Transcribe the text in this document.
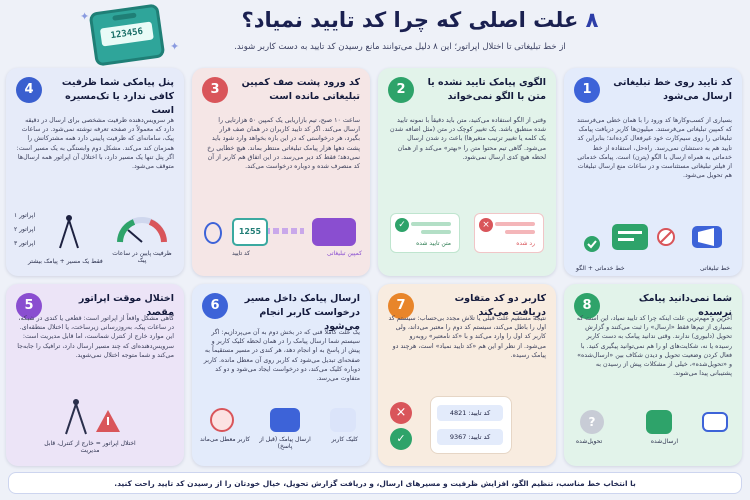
123456
✦
✦
۸ علت اصلی که چرا کد تایید نمیاد؟
از خط تبلیغاتی تا اختلال اپراتور؛ این ۸ دلیل می‌توانند مانع رسیدن کد تایید به دست کاربر شوند.
1	کد تایید روی خط تبلیغاتی ارسال می‌شود
بسیاری از کسب‌وکارها کد ورود را با همان خطی می‌فرستند که کمپین تبلیغاتی می‌فرستند. میلیون‌ها کاربر دریافت پیامک تبلیغاتی را روی سیم‌کارت خود غیرفعال کرده‌اند؛ بنابراین کد تایید هم به دستشان نمی‌رسد. راه‌حل، استفاده از خط خدماتی به همراه ارسال با الگو (پترن) است. پیامک خدماتی از فیلتر تبلیغاتی مستثناست و در ساعات منع ارسال تبلیغات هم تحویل می‌شود.
خط تبلیغاتی
خط خدماتی + الگو
2	الگوی پیامک تایید نشده یا متن با الگو نمی‌خواند
وقتی از الگو استفاده می‌کنید، متن باید دقیقاً با نمونه تایید شده منطبق باشد. یک تغییر کوچک در متن (مثل اضافه شدن یک کلمه یا تغییر ترتیب متغیرها) باعث رد شدن ارسال می‌شود. گاهی تیم محتوا متن را «بهتر» می‌کند و از همان لحظه هیچ کدی ارسال نمی‌شود.
×
رد شده
✓
متن تایید شده
3	کد ورود پشت صف کمپین تبلیغاتی مانده است
ساعت ۱۰ صبح، تیم بازاریابی یک کمپین ۵۰ هزارتایی را ارسال می‌کند. اگر کد تایید کاربران در همان صف قرار بگیرد، هر درخواستی که در این بازه بخواهد وارد شود باید پشت دهها هزار پیامک تبلیغاتی منتظر بماند. هیچ خطایی رخ نمی‌دهد؛ فقط کد دیر می‌رسد. در این اتفاق هم کاربر از آن کد منصرف شده و دوباره درخواست می‌کند.
کمپین تبلیغاتی
1255
کد تایید
4	پنل پیامکی شما ظرفیت کافی ندارد یا تک‌مسیره است
هر سرویس‌دهنده ظرفیت مشخصی برای ارسال در دقیقه دارد که معمولاً در صفحه تعرفه نوشته نمی‌شود. در ساعات پیک، سامانه‌ای که ظرفیت پایینی دارد همه مشترکانش را همزمان کند می‌کند. مشکل دوم وابستگی به یک مسیر است: اگر پنل تنها یک مسیر دارد، با اختلال آن اپراتور همه ارسال‌ها متوقف می‌شود.
ظرفیت پایین در ساعات پیک
اپراتور ۱
اپراتور ۲
اپراتور ۳
فقط یک مسیر + پیامک بیشتر
5	اختلال موقت اپراتور مقصد
گاهی مشکل واقعاً از اپراتور است: قطعی یا کندی در شبکه، در ساعات پیک، به‌روزرسانی زیرساخت، یا اختلال منطقه‌ای. این موارد خارج از کنترل شماست، اما قابل مدیریت است: سرویس‌دهنده‌ای که چند مسیر ارسال دارد، ترافیک را جابه‌جا می‌کند و شما متوجه اختلال نمی‌شوید.
اختلال اپراتور = خارج از کنترل، قابل مدیریت
6	ارسال پیامک داخل مسیر درخواست کاربر انجام می‌شود
یک علت کاملاً فنی که در بخش دوم به آن می‌پردازیم: اگر سیستم شما ارسال پیامک را در همان لحظه کلیک کاربر و پیش از پاسخ به او انجام دهد، هر کندی در مسیر مستقیماً به صفحه‌ای تبدیل می‌شود که کاربر روی آن معطل مانده. کاربر دوباره کلیک می‌کند، دو درخواست ایجاد می‌شود و دو کد متفاوت می‌رسد.
کلیک کاربر
ارسال پیامک (قبل از پاسخ)
کاربر معطل می‌ماند
7	کاربر دو کد متفاوت دریافت می‌کند
نتیجه مستقیم علت قبلی یا تلاش مجدد بی‌حساب: سیستم کد اول را باطل می‌کند، سیستم کد دوم را معتبر می‌داند، ولی کاربر کد اول را وارد می‌کند و با «کد نامعتبر» روبه‌رو می‌شود. از نظر او این هم «کد تایید نمیاد» است، هرچند دو پیامک رسیده.
کد تایید: 4821
کد تایید: 9367
×
✓
8	شما نمی‌دانید پیامک نرسیده
آخرین و مهم‌ترین علت اینکه چرا کد تایید نمیاد، این است که بسیاری از تیم‌ها فقط «ارسال» را ثبت می‌کنند و گزارش تحویل (دلیوری) ندارند. وقتی ندانید پیامک به دست کاربر رسیده یا نه، شکایت‌های او را هم نمی‌توانید پیگیری کنید. با فعال کردن وضعیت تحویل و دیدن شکاف بین «ارسال‌شده» و «تحویل‌شده»، خیلی از مشکلات پیش از رسیدن به پشتیبانی پیدا می‌شوند.
ارسال‌شده
?
تحویل‌شده
با انتخاب خط مناسب، تنظیم الگو، افزایش ظرفیت و مسیرهای ارسال، و دریافت گزارش تحویل، خیال خودتان را از رسیدن کد تایید راحت کنید.
